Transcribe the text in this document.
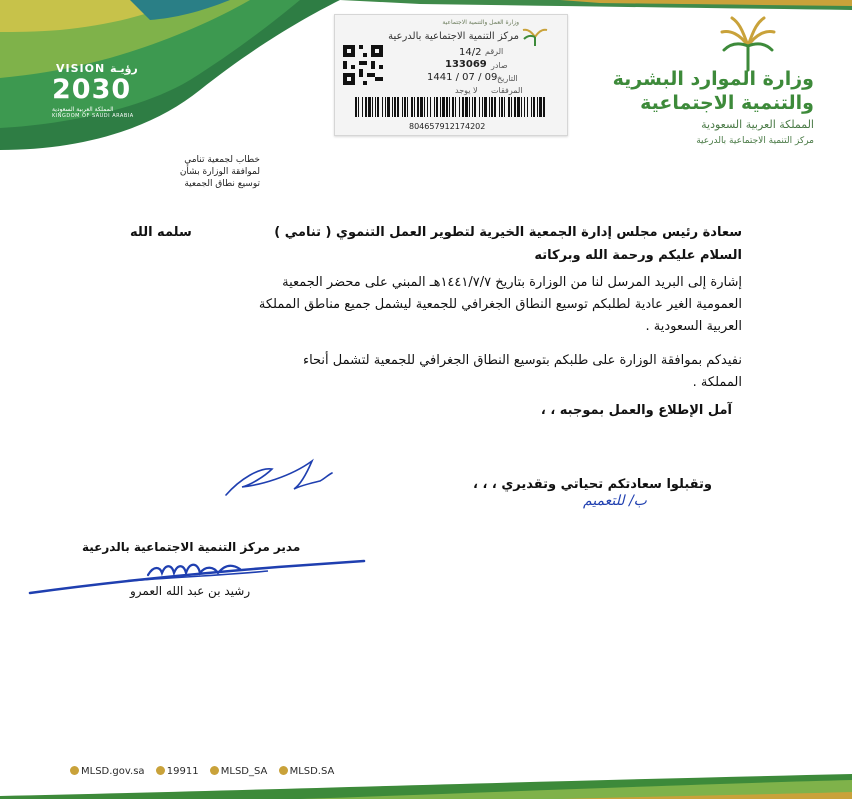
وزارة الموارد البشرية
والتنمية الاجتماعية
المملكة العربية السعودية
مركز التنمية الاجتماعية بالدرعية
VISION رؤيـة
2030
المملكة العربية السعودية
KINGDOM OF SAUDI ARABIA
وزارة العمل والتنمية الاجتماعية
مركز التنمية الاجتماعية بالدرعية
الرقم
14/2
صادر
133069
التاريخ
1441 / 07 / 09
المرفقات
لا يوجد
804657912174202
خطاب لجمعية تنامي لموافقة الوزارة بشأن
توسيع نطاق الجمعية
سعادة رئيس مجلس إدارة الجمعية الخيرية لتطوير العمل التنموي ( تنامي )
سلمه الله
السلام عليكم ورحمة الله وبركاته
إشارة إلى البريد المرسل لنا من الوزارة بتاريخ ١٤٤١/٧/٧هـ المبني على محضر الجمعية
العمومية الغير عادية لطلبكم توسيع النطاق الجغرافي للجمعية ليشمل جميع مناطق المملكة
العربية السعودية .
نفيدكم بموافقة الوزارة على طلبكم بتوسيع النطاق الجغرافي للجمعية لتشمل أنحاء
المملكة .
آمل الإطلاع والعمل بموجبه ، ،
وتقبلوا سعادتكم تحياتي وتقديري ، ، ،
ب/ للتعميم
مدير مركز التنمية الاجتماعية بالدرعية
رشيد بن عبد الله العمرو
MLSD.gov.sa 19911 MLSD_SA MLSD.SA
